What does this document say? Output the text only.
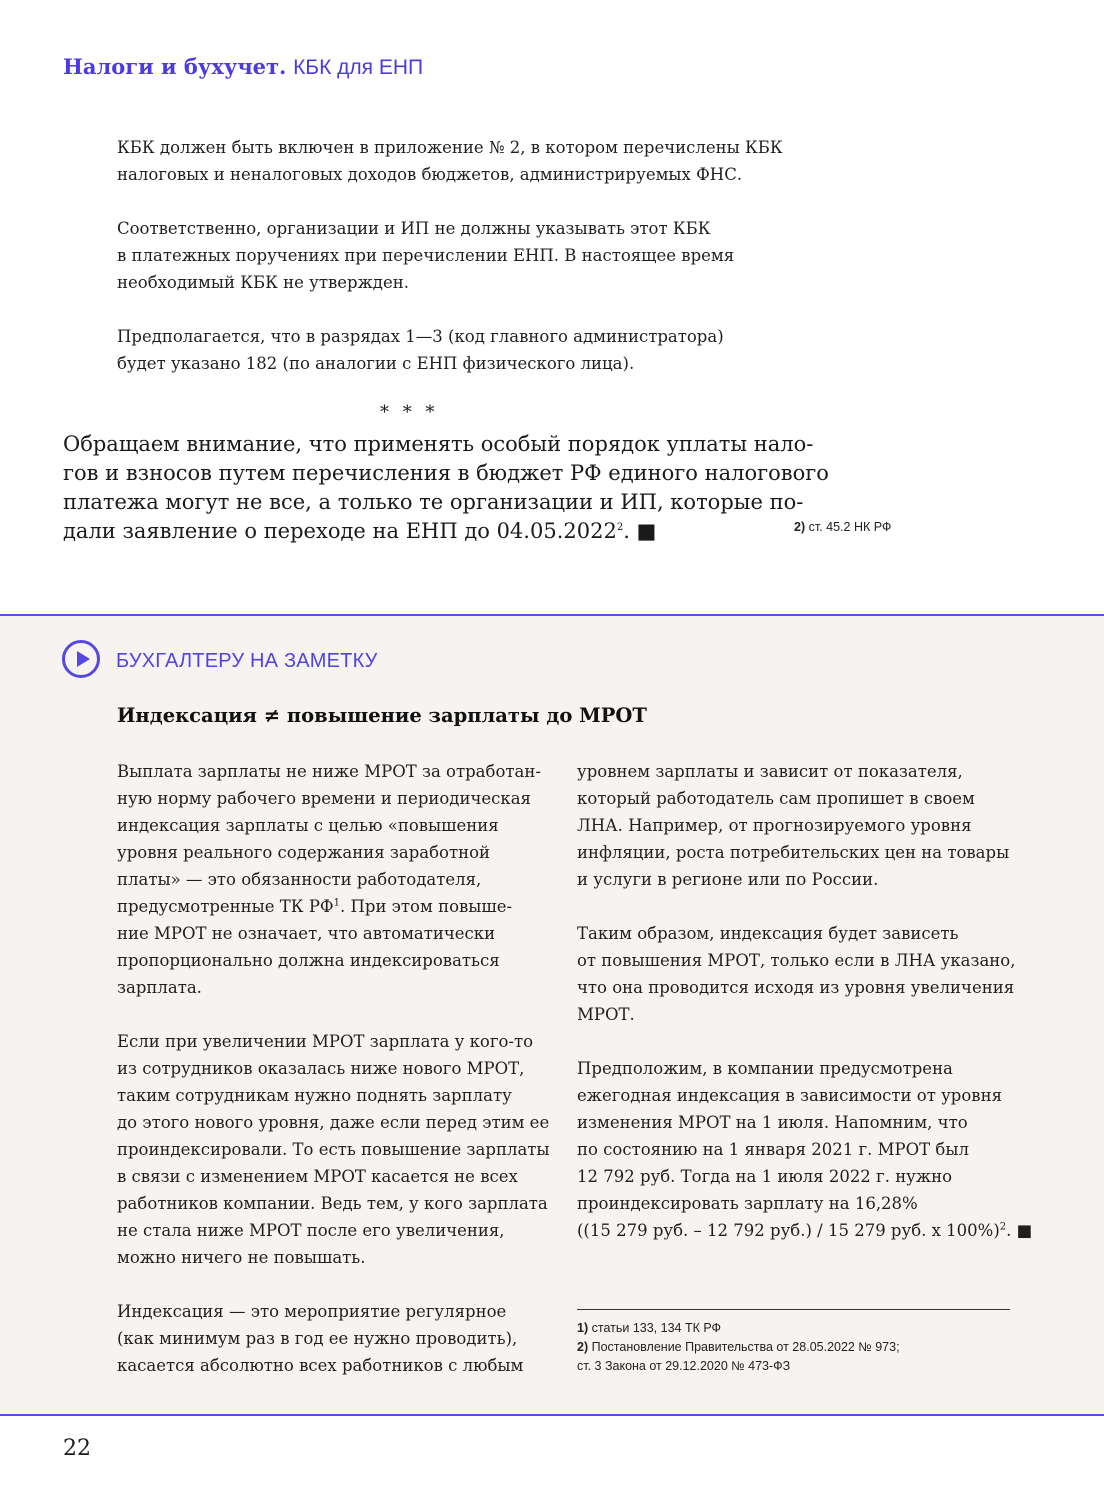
Налоги и бухучет. КБК для ЕНП

КБК должен быть включен в приложение № 2, в котором перечислены КБК
налоговых и неналоговых доходов бюджетов, администрируемых ФНС.

Соответственно, организации и ИП не должны указывать этот КБК
в платежных поручениях при перечислении ЕНП. В настоящее время
необходимый КБК не утвержден.

Предполагается, что в разрядах 1—3 (код главного администратора)
будет указано 182 (по аналогии с ЕНП физического лица).

* * *

Обращаем внимание, что применять особый порядок уплаты нало-
гов и взносов путем перечисления в бюджет РФ единого налогового
платежа могут не все, а только те организации и ИП, которые по-
дали заявление о переходе на ЕНП до 04.05.2022$^2$. ■	2) ст. 45.2 НК РФ
БУХГАЛТЕРУ НА ЗАМЕТКУ
Индексация ≠ повышение зарплаты до МРОТ
Выплата зарплаты не ниже МРОТ за отработан-
ную норму рабочего времени и периодическая
индексация зарплаты с целью «повышения
уровня реального содержания заработной
платы» — это обязанности работодателя,
предусмотренные ТК $РФ^1$. При этом повыше-
ние МРОТ не означает, что автоматически
пропорционально должна индексироваться
зарплата.
Если при увеличении МРОТ зарплата у кого-то
из сотрудников оказалась ниже нового МРОТ,
таким сотрудникам нужно поднять зарплату
до этого нового уровня, даже если перед этим ее
проиндексировали. То есть повышение зарплаты
в связи с изменением МРОТ касается не всех
работников компании. Ведь тем, у кого зарплата
не стала ниже МРОТ после его увеличения,
можно ничего не повышать.
Индексация — это мероприятие регулярное
(как минимум раз в год ее нужно проводить),
касается абсолютно всех работников с любым
уровнем зарплаты и зависит от показателя,
который работодатель сам пропишет в своем
ЛНА. Например, от прогнозируемого уровня
инфляции, роста потребительских цен на товары
и услуги в регионе или по России.
Таким образом, индексация будет зависеть
от повышения МРОТ, только если в ЛНА указано,
что она проводится исходя из уровня увеличения
МРОТ.
Предположим, в компании предусмотрена
ежегодная индексация в зависимости от уровня
изменения МРОТ на 1 июля. Напомним, что
по состоянию на 1 января 2021 г. МРОТ был
12 792 руб. Тогда на 1 июля 2022 г. нужно
проиндексировать зарплату на 16,28%
((15 279 руб. – 12 792 руб.) / 15 279 руб. х 100%)$^2$. ■
1) статьи 133, 134 ТК РФ
2) Постановление Правительства от 28.05.2022 № 973;
ст. 3 Закона от 29.12.2020 № 473-ФЗ
22
